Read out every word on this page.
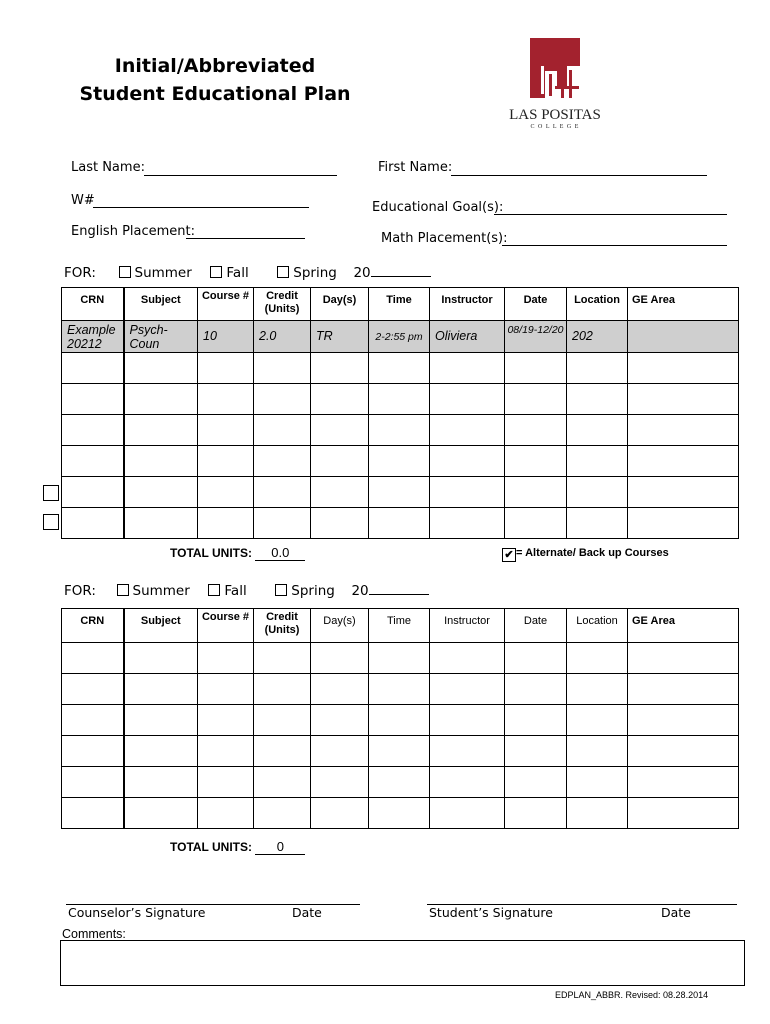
Initial/Abbreviated
Student Educational Plan
LAS POSITAS
C O L L E G E
Last Name:	First Name:
W#	Educational Goal(s):
English Placement:	Math Placement(s):
FOR:	Summer	Fall	Spring 20
CRN	Subject	Course #	Credit (Units)	Day(s)	Time	Instructor	Date	Location	GE Area
Example 20212	Psych-Coun	10	2.0	TR	2-2:55 pm	Oliviera	08/19-12/20	202	

TOTAL UNITS: 0.0	✔ = Alternate/ Back up Courses
FOR:	Summer	Fall	Spring 20
CRN	Subject	Course #	Credit (Units)	Day(s)	Time	Instructor	Date	Location	GE Area

TOTAL UNITS: 0
Counselor’s Signature	Date	Student’s Signature	Date
Comments:
EDPLAN_ABBR. Revised: 08.28.2014
